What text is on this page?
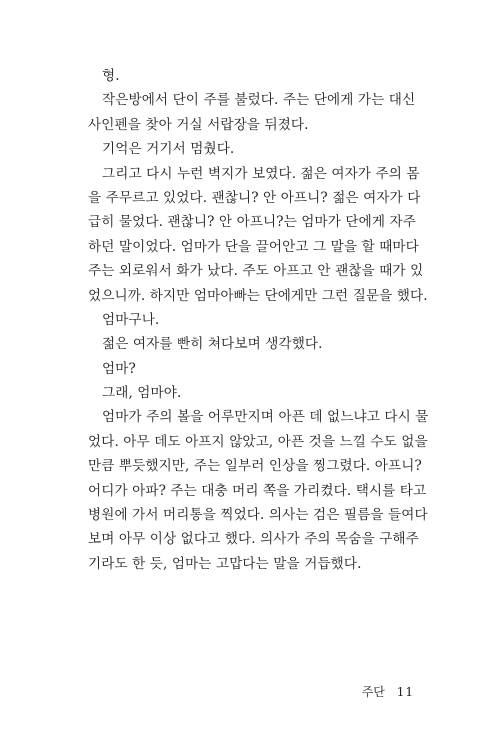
형.
작은방에서 단이 주를 불렀다. 주는 단에게 가는 대신
사인펜을 찾아 거실 서랍장을 뒤졌다.
기억은 거기서 멈췄다.
그리고 다시 누런 벽지가 보였다. 젊은 여자가 주의 몸
을 주무르고 있었다. 괜찮니? 안 아프니? 젊은 여자가 다
급히 물었다. 괜찮니? 안 아프니?는 엄마가 단에게 자주
하던 말이었다. 엄마가 단을 끌어안고 그 말을 할 때마다
주는 외로워서 화가 났다. 주도 아프고 안 괜찮을 때가 있
었으니까. 하지만 엄마아빠는 단에게만 그런 질문을 했다.
엄마구나.
젊은 여자를 빤히 쳐다보며 생각했다.
엄마?
그래, 엄마야.
엄마가 주의 볼을 어루만지며 아픈 데 없느냐고 다시 물
었다. 아무 데도 아프지 않았고, 아픈 것을 느낄 수도 없을
만큼 뿌듯했지만, 주는 일부러 인상을 찡그렸다. 아프니?
어디가 아파? 주는 대충 머리 쪽을 가리켰다. 택시를 타고
병원에 가서 머리통을 찍었다. 의사는 검은 필름을 들여다
보며 아무 이상 없다고 했다. 의사가 주의 목숨을 구해주
기라도 한 듯, 엄마는 고맙다는 말을 거듭했다.
주단 11
